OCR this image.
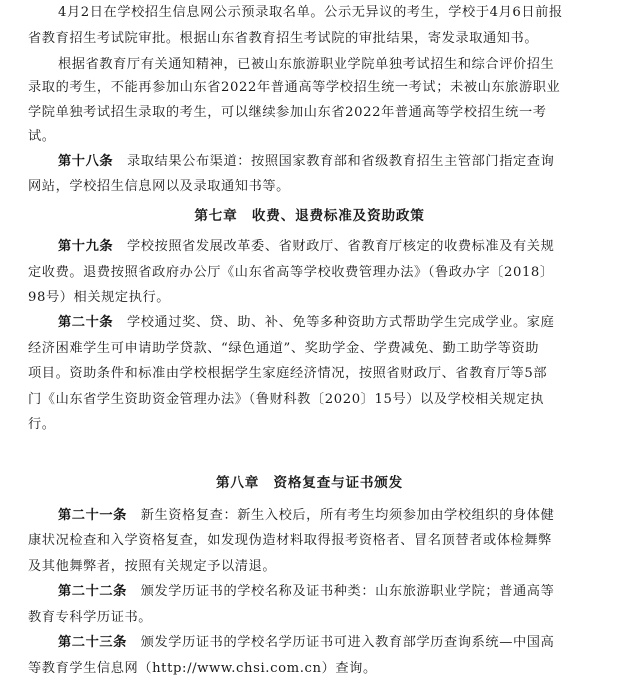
4月2日在学校招生信息网公示预录取名单。公示无异议的考生，学校于4月6日前报
省教育招生考试院审批。根据山东省教育招生考试院的审批结果，寄发录取通知书。
根据省教育厅有关通知精神，已被山东旅游职业学院单独考试招生和综合评价招生
录取的考生，不能再参加山东省2022年普通高等学校招生统一考试；未被山东旅游职业
学院单独考试招生录取的考生，可以继续参加山东省2022年普通高等学校招生统一考
试。
第十八条　 录取结果公布渠道：按照国家教育部和省级教育招生主管部门指定查询
网站，学校招生信息网以及录取通知书等。
第七章　收费、退费标准及资助政策
第十九条　 学校按照省发展改革委、省财政厅、省教育厅核定的收费标准及有关规
定收费。退费按照省政府办公厅《山东省高等学校收费管理办法》（鲁政办字〔2018〕
98号）相关规定执行。
第二十条　 学校通过奖、贷、助、补、免等多种资助方式帮助学生完成学业。家庭
经济困难学生可申请助学贷款、“绿色通道”、奖助学金、学费减免、勤工助学等资助
项目。资助条件和标准由学校根据学生家庭经济情况，按照省财政厅、省教育厅等5部
门《山东省学生资助资金管理办法》（鲁财科教〔2020〕15号）以及学校相关规定执
行。
第八章　资格复查与证书颁发
第二十一条　 新生资格复查：新生入校后，所有考生均须参加由学校组织的身体健
康状况检查和入学资格复查，如发现伪造材料取得报考资格者、冒名顶替者或体检舞弊
及其他舞弊者，按照有关规定予以清退。
第二十二条　 颁发学历证书的学校名称及证书种类：山东旅游职业学院；普通高等
教育专科学历证书。
第二十三条　 颁发学历证书的学校名学历证书可进入教育部学历查询系统—中国高
等教育学生信息网（http://www.chsi.com.cn）查询。
